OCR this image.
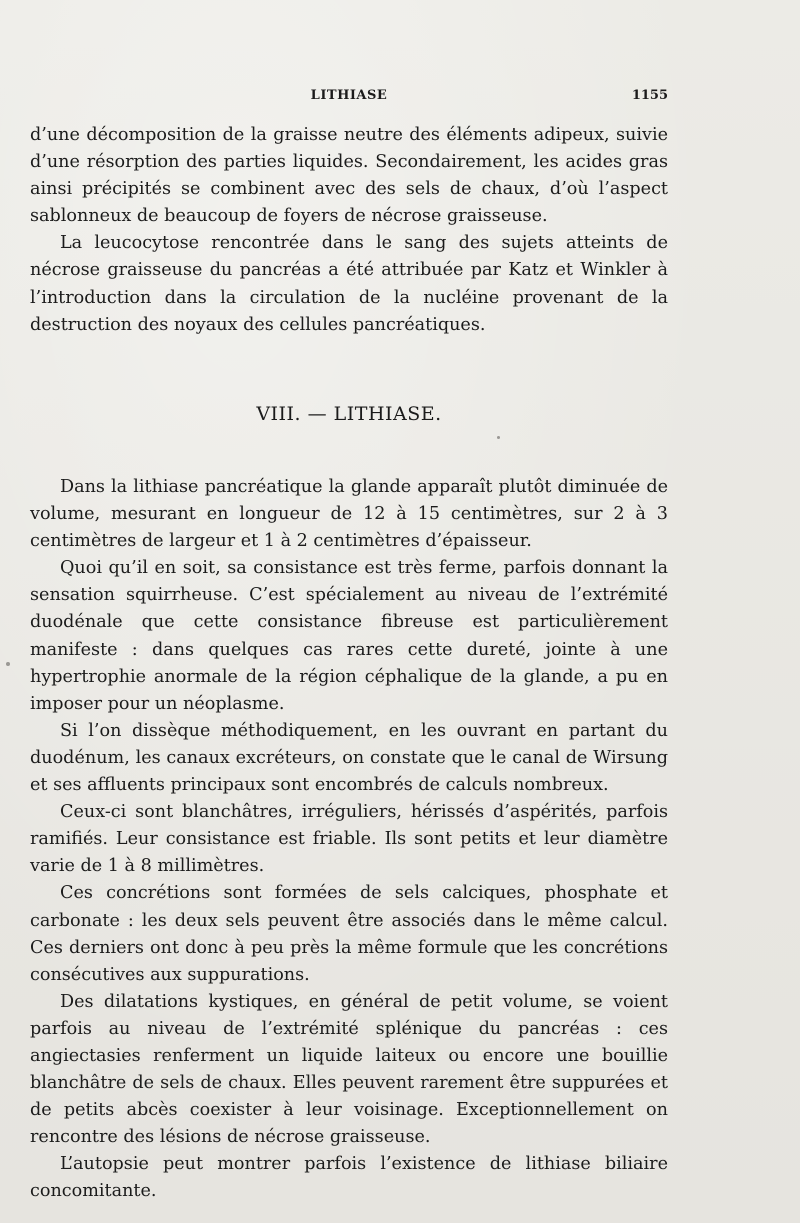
LITHIASE	1155

d’une décomposition de la graisse neutre des éléments adipeux, suivie d’une résorption des parties liquides. Secondairement, les acides gras ainsi précipités se combinent avec des sels de chaux, d’où l’aspect sablonneux de beaucoup de foyers de nécrose graisseuse.

La leucocytose rencontrée dans le sang des sujets atteints de nécrose graisseuse du pancréas a été attribuée par Katz et Winkler à l’introduction dans la circulation de la nucléine provenant de la destruction des noyaux des cellules pancréatiques.

VIII. — LITHIASE.

Dans la lithiase pancréatique la glande apparaît plutôt diminuée de volume, mesurant en longueur de 12 à 15 centimètres, sur 2 à 3 centimètres de largeur et 1 à 2 centimètres d’épaisseur.

Quoi qu’il en soit, sa consistance est très ferme, parfois donnant la sensation squirrheuse. C’est spécialement au niveau de l’extrémité duodénale que cette consistance fibreuse est particulièrement manifeste : dans quelques cas rares cette dureté, jointe à une hypertrophie anormale de la région céphalique de la glande, a pu en imposer pour un néoplasme.

Si l’on dissèque méthodiquement, en les ouvrant en partant du duodénum, les canaux excréteurs, on constate que le canal de Wirsung et ses affluents principaux sont encombrés de calculs nombreux.

Ceux-ci sont blanchâtres, irréguliers, hérissés d’aspérités, parfois ramifiés. Leur consistance est friable. Ils sont petits et leur diamètre varie de 1 à 8 millimètres.

Ces concrétions sont formées de sels calciques, phosphate et carbonate : les deux sels peuvent être associés dans le même calcul. Ces derniers ont donc à peu près la même formule que les concrétions consécutives aux suppurations.

Des dilatations kystiques, en général de petit volume, se voient parfois au niveau de l’extrémité splénique du pancréas : ces angiectasies renferment un liquide laiteux ou encore une bouillie blanchâtre de sels de chaux. Elles peuvent rarement être suppurées et de petits abcès coexister à leur voisinage. Exceptionnellement on rencontre des lésions de nécrose graisseuse.

L’autopsie peut montrer parfois l’existence de lithiase biliaire concomitante.
